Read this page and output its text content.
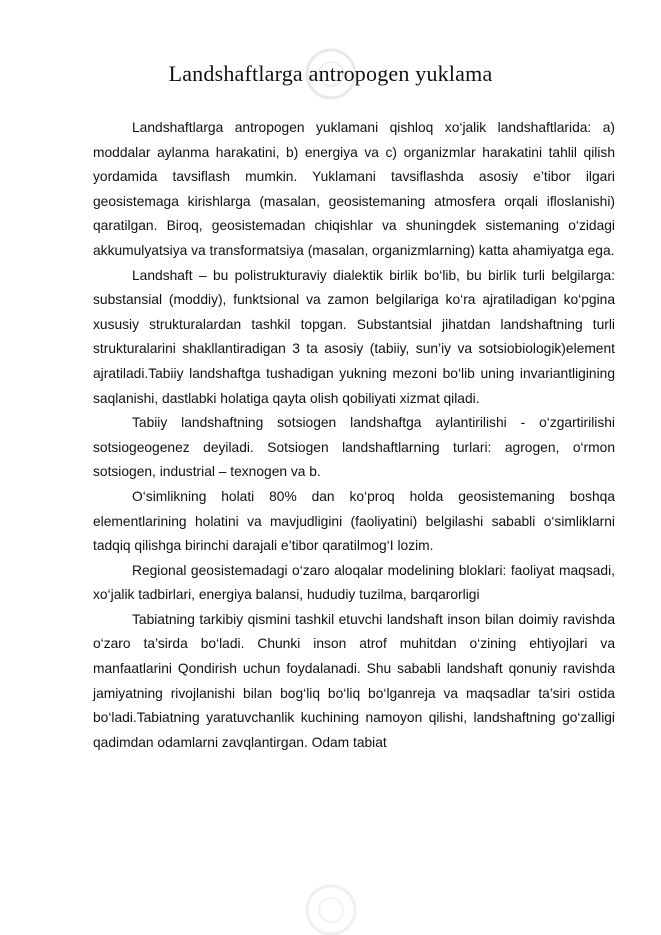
Landshaftlarga antropogen yuklama

Landshaftlarga antropogen yuklamani qishloq xo‘jalik landshaftlarida: a) moddalar aylanma harakatini, b) energiya va c) organizmlar harakatini tahlil qilish yordamida tavsiflash mumkin. Yuklamani tavsiflashda asosiy e’tibor ilgari geosistemaga kirishlarga (masalan, geosistemaning atmosfera orqali ifloslanishi) qaratilgan. Biroq, geosistemadan chiqishlar va shuningdek sistemaning o‘zidagi akkumulyatsiya va transformatsiya (masalan, organizmlarning) katta ahamiyatga ega.

Landshaft – bu polistrukturaviy dialektik birlik bo‘lib, bu birlik turli belgilarga: substansial (moddiy), funktsional va zamon belgilariga ko‘ra ajratiladigan ko‘pgina xususiy strukturalardan tashkil topgan. Substantsial jihatdan landshaftning turli strukturalarini shakllantiradigan 3 ta asosiy (tabiiy, sun’iy va sotsiobiologik)element ajratiladi.Tabiiy landshaftga tushadigan yukning mezoni bo‘lib uning invariantligining saqlanishi, dastlabki holatiga qayta olish qobiliyati xizmat qiladi.

Tabiiy landshaftning sotsiogen landshaftga aylantirilishi - o‘zgartirilishi sotsiogeogenez deyiladi. Sotsiogen landshaftlarning turlari: agrogen, o‘rmon sotsiogen, industrial – texnogen va b.

O‘simlikning holati 80% dan ko‘proq holda geosistemaning boshqa elementlarining holatini va mavjudligini (faoliyatini) belgilashi sababli o‘simliklarni tadqiq qilishga birinchi darajali e’tibor qaratilmog‘I lozim.

Regional geosistemadagi o‘zaro aloqalar modelining bloklari: faoliyat maqsadi, xo‘jalik tadbirlari, energiya balansi, hududiy tuzilma, barqarorligi

Tabiatning tarkibiy qismini tashkil etuvchi landshaft inson bilan doimiy ravishda o‘zaro ta’sirda bo‘ladi. Chunki inson atrof muhitdan o‘zining ehtiyojlari va manfaatlarini Qondirish uchun foydalanadi. Shu sababli landshaft qonuniy ravishda jamiyatning rivojlanishi bilan bog‘liq bo‘liq bo‘lganreja va maqsadlar ta’siri ostida bo‘ladi.Tabiatning yaratuvchanlik kuchining namoyon qilishi, landshaftning go‘zalligi qadimdan odamlarni zavqlantirgan. Odam tabiat
